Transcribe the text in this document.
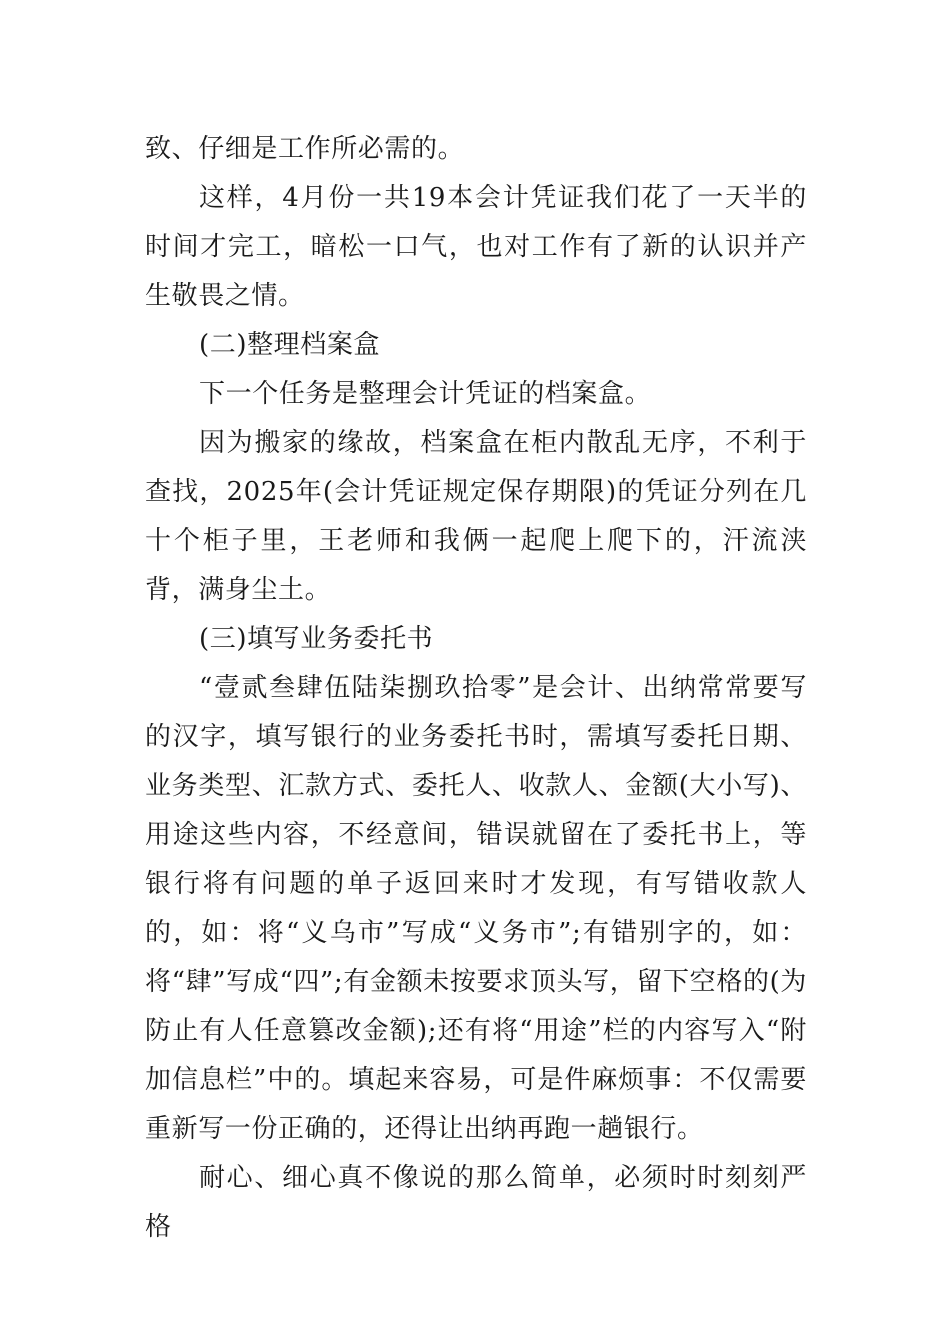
致、仔细是工作所必需的。

这样，4月份一共19本会计凭证我们花了一天半的时间才完工，暗松一口气，也对工作有了新的认识并产生敬畏之情。

(二)整理档案盒

下一个任务是整理会计凭证的档案盒。

因为搬家的缘故，档案盒在柜内散乱无序，不利于查找，2025年(会计凭证规定保存期限)的凭证分列在几十个柜子里，王老师和我俩一起爬上爬下的，汗流浃背，满身尘土。

(三)填写业务委托书

“壹贰叁肆伍陆柒捌玖拾零”是会计、出纳常常要写的汉字，填写银行的业务委托书时，需填写委托日期、业务类型、汇款方式、委托人、收款人、金额(大小写)、用途这些内容，不经意间，错误就留在了委托书上，等银行将有问题的单子返回来时才发现，有写错收款人的，如：将“义乌市”写成“义务市”;有错别字的，如：将“肆”写成“四”;有金额未按要求顶头写，留下空格的(为防止有人任意篡改金额);还有将“用途”栏的内容写入“附加信息栏”中的。填起来容易，可是件麻烦事：不仅需要重新写一份正确的，还得让出纳再跑一趟银行。

耐心、细心真不像说的那么简单，必须时时刻刻严格
